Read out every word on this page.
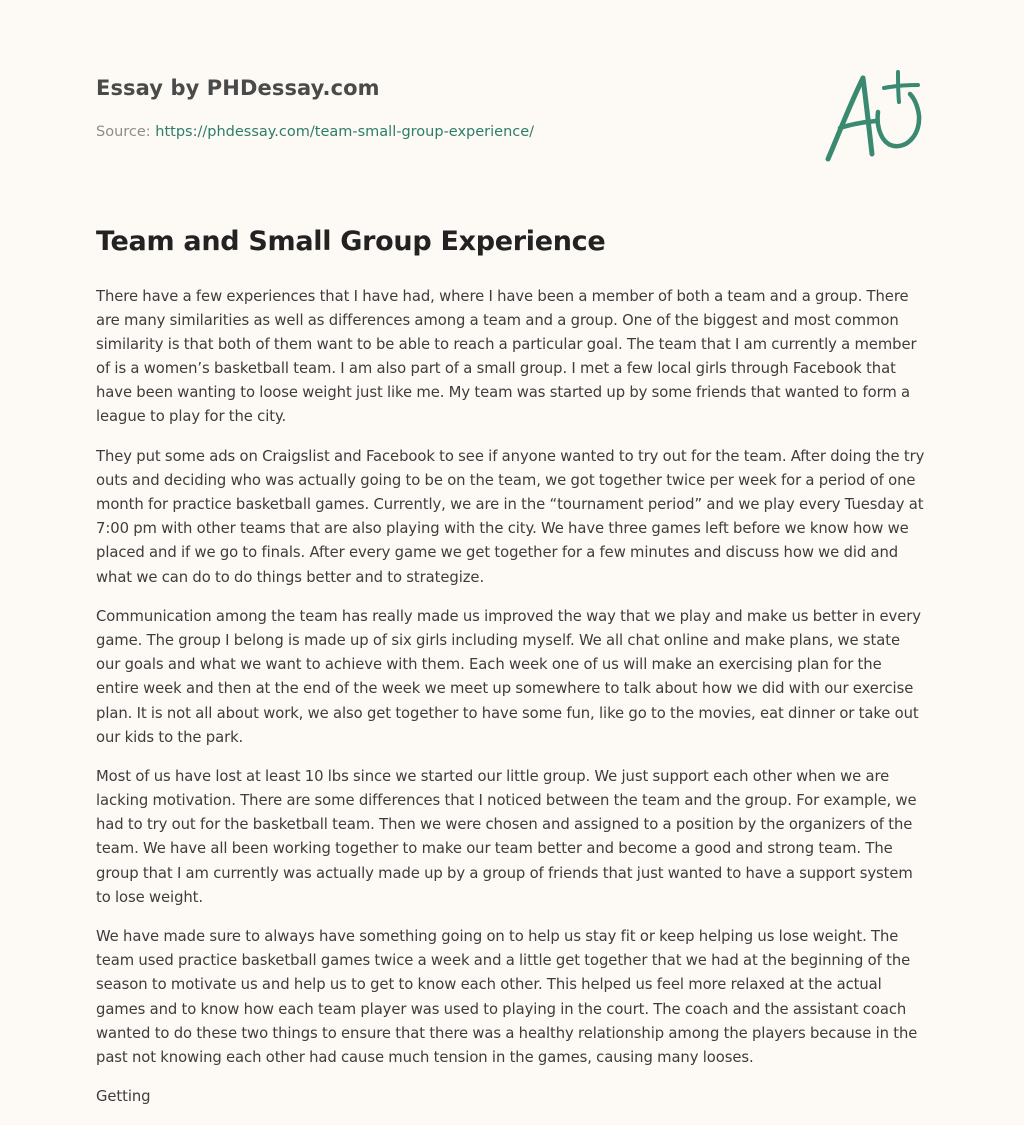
Essay by PHDessay.com
Source: https://phdessay.com/team-small-group-experience/
Team and Small Group Experience

There have a few experiences that I have had, where I have been a member of both a team and a group. There are many similarities as well as differences among a team and a group. One of the biggest and most common similarity is that both of them want to be able to reach a particular goal. The team that I am currently a member of is a women’s basketball team. I am also part of a small group. I met a few local girls through Facebook that have been wanting to loose weight just like me. My team was started up by some friends that wanted to form a league to play for the city.

They put some ads on Craigslist and Facebook to see if anyone wanted to try out for the team. After doing the try outs and deciding who was actually going to be on the team, we got together twice per week for a period of one month for practice basketball games. Currently, we are in the “tournament period” and we play every Tuesday at 7:00 pm with other teams that are also playing with the city. We have three games left before we know how we placed and if we go to finals. After every game we get together for a few minutes and discuss how we did and what we can do to do things better and to strategize.

Communication among the team has really made us improved the way that we play and make us better in every game. The group I belong is made up of six girls including myself. We all chat online and make plans, we state our goals and what we want to achieve with them. Each week one of us will make an exercising plan for the entire week and then at the end of the week we meet up somewhere to talk about how we did with our exercise plan. It is not all about work, we also get together to have some fun, like go to the movies, eat dinner or take out our kids to the park.

Most of us have lost at least 10 lbs since we started our little group. We just support each other when we are lacking motivation. There are some differences that I noticed between the team and the group. For example, we had to try out for the basketball team. Then we were chosen and assigned to a position by the organizers of the team. We have all been working together to make our team better and become a good and strong team. The group that I am currently was actually made up by a group of friends that just wanted to have a support system to lose weight.

We have made sure to always have something going on to help us stay fit or keep helping us lose weight. The team used practice basketball games twice a week and a little get together that we had at the beginning of the season to motivate us and help us to get to know each other. This helped us feel more relaxed at the actual games and to know how each team player was used to playing in the court. The coach and the assistant coach wanted to do these two things to ensure that there was a healthy relationship among the players because in the past not knowing each other had cause much tension in the games, causing many looses.

Getting
